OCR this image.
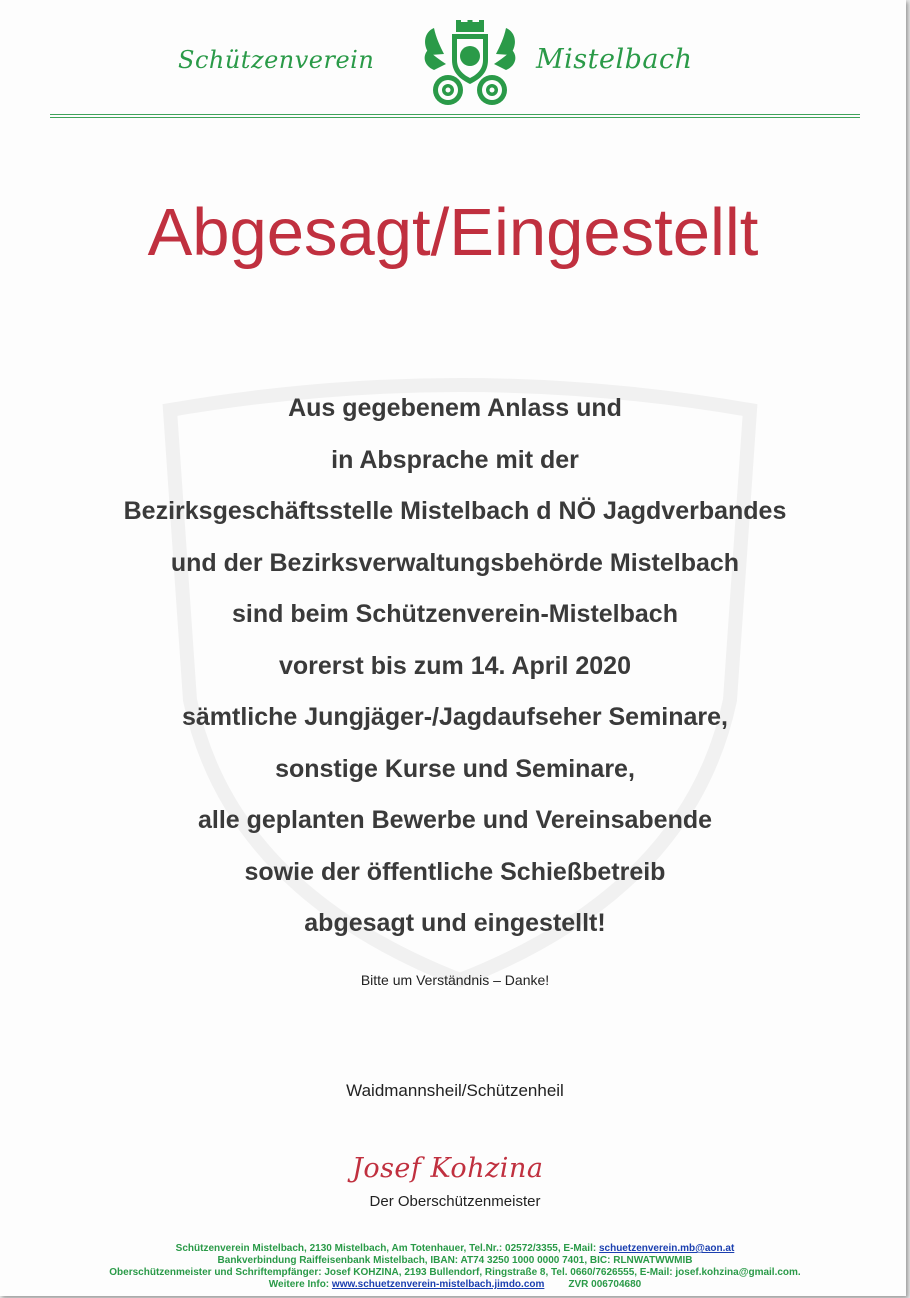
Schützenverein	Mistelbach
Abgesagt/Eingestellt
Aus gegebenem Anlass und
in Absprache mit der
Bezirksgeschäftsstelle Mistelbach d NÖ Jagdverbandes
und der Bezirksverwaltungsbehörde Mistelbach
sind beim Schützenverein-Mistelbach
vorerst bis zum 14. April 2020
sämtliche Jungjäger-/Jagdaufseher Seminare,
sonstige Kurse und Seminare,
alle geplanten Bewerbe und Vereinsabende
sowie der öffentliche Schießbetreib
abgesagt und eingestellt!
Bitte um Verständnis – Danke!
Waidmannsheil/Schützenheil
Josef Kohzina
Der Oberschützenmeister
Schützenverein Mistelbach, 2130 Mistelbach, Am Totenhauer, Tel.Nr.: 02572/3355, E-Mail: schuetzenverein.mb@aon.at
Bankverbindung Raiffeisenbank Mistelbach, IBAN: AT74 3250 1000 0000 7401, BIC: RLNWATWWMIB
Oberschützenmeister und Schriftempfänger: Josef KOHZINA, 2193 Bullendorf, Ringstraße 8, Tel. 0660/7626555, E-Mail: josef.kohzina@gmail.com.
Weitere Info: www.schuetzenverein-mistelbach.jimdo.com ZVR 006704680
